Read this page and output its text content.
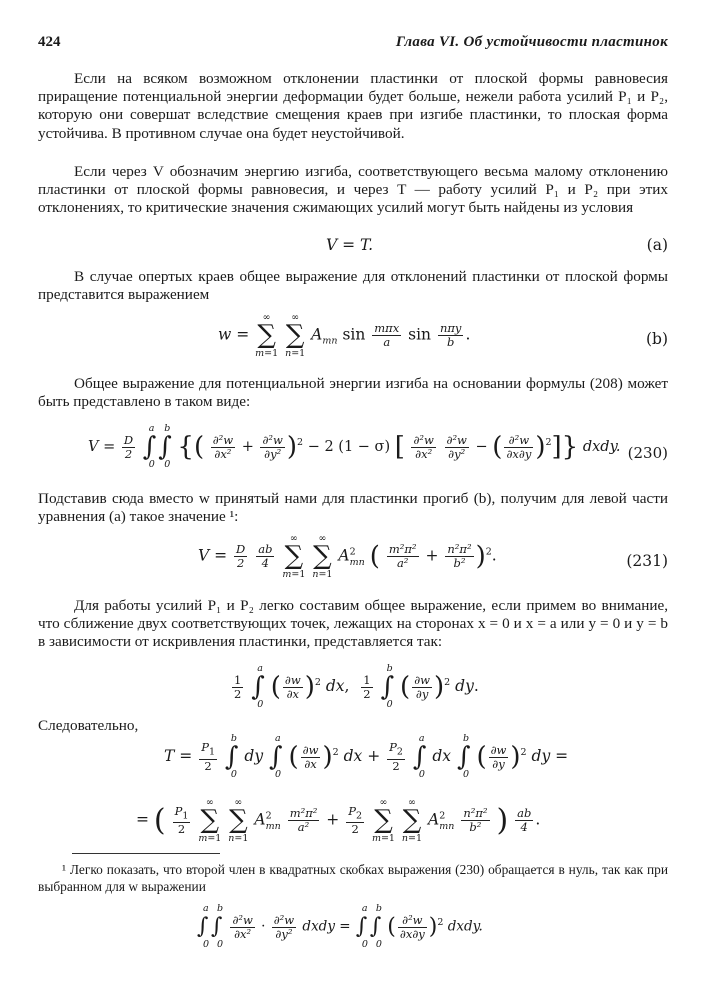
424	Глава VI. Об устойчивости пластинок

Если на всяком возможном отклонении пластинки от плоской формы равновесия приращение потенциальной энергии деформации будет больше, нежели работа усилий P₁ и P₂, которую они совершат вследствие смещения краев при изгибе пластинки, то плоская форма устойчива. В противном случае она будет неустойчивой.

Если через V обозначим энергию изгиба, соответствующего весьма малому отклонению пластинки от плоской формы равновесия, и через T — работу усилий P₁ и P₂ при этих отклонениях, то критические значения сжимающих усилий могут быть найдены из условия

V = T.	(a)

В случае опертых краев общее выражение для отклонений пластинки от плоской формы представится выражением

w =
∞
∑
m=1

∞
∑
n=1
$A_{mn}$ $\sin \frac{\text{mπx}}{a}$ $\sin \frac{\text{nπy}}{b}$ .	(b)

Общее выражение для потенциальной энергии изгиба на основании формулы (208) может быть представлено в таком виде:

$V = \frac{D}{2}$

a
∫
0
b
∫
0
{( $\frac{\text{∂²w}}{\text{∂x²}} + \frac{\text{∂²w}}{\text{∂y²}} )^2 - 2$ (1 − σ) [ $\frac{\text{∂²w}}{\text{∂x²}}$
$\frac{\text{∂²w}}{\text{∂y²}}$ − ( $\frac{\text{∂²w}}{\partial x\partial y} )^2$]} dxdy. (230)

Подставив сюда вместо w принятый нами для пластинки прогиб (b), получим для левой части уравнения (a) такое значение ¹:

$V = \frac{D}{2}$
$\frac{ab}{4}$

∞
∑
m=1

∞
∑
n=1
$A^2_{mn}$ ( $\frac{\text{m²π²}}{\text{a²}} + \frac{\text{n²π²}}{\text{b²}} )^2$.	(231)

Для работы усилий P₁ и P₂ легко составим общее выражение, если примем во внимание, что сближение двух соответствующих точек, лежащих на сторонах x = 0 и x = a или y = 0 и y = b в зависимости от искривления пластинки, представляется так:

$\frac{1}{2}$

a
∫
0
( $\frac{\partial w}{\partial x} )^2$ dx, $\frac{1}{2}$

b
∫
0
( $\frac{\partial w}{\partial y} )^2$ dy.

Следовательно,

$T = \frac{P_1}{2}$

b
∫
0
dy
a
∫
0
( $\frac{\partial w}{\partial x} )^2$ dx + $\frac{P_2}{2}$

a
∫
0
dx
b
∫
0
( $\frac{\partial w}{\partial y} )^2$ dy =
= ( $\frac{P_1}{2}$

∞
∑
m=1

∞
∑
n=1
$A^2_{mn} \frac{\text{m²π²}}{\text{a²}} + \frac{P_2}{2}$

∞
∑
m=1

∞
∑
n=1
$A^2_{mn} \frac{\text{n²π²}}{\text{b²}}$ ) $\frac{ab}{4}$ .

¹ Легко показать, что второй член в квадратных скобках выражения (230) обращается в нуль, так как при выбранном для w выражении

a
∫
0
b
∫
0

$\frac{\text{∂²w}}{\text{∂x²}} \cdot \frac{\text{∂²w}}{\text{∂y²}}$ dxdy =
a
∫
0
b
∫
0
( $\frac{\text{∂²w}}{\partial x\partial y} )^2$ dxdy.
